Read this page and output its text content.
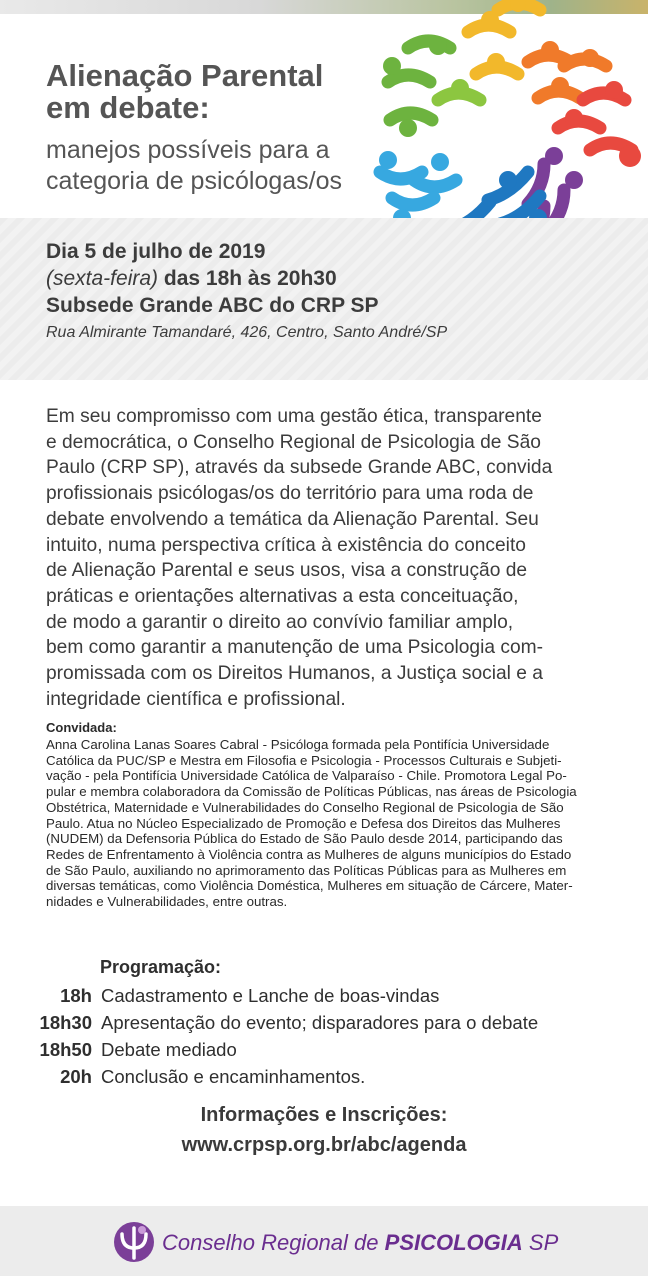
Alienação Parental
em debate:
manejos possíveis para a
categoria de psicólogas/os
Dia 5 de julho de 2019
(sexta-feira) das 18h às 20h30
Subsede Grande ABC do CRP SP
Rua Almirante Tamandaré, 426, Centro, Santo André/SP
Em seu compromisso com uma gestão ética, transparente
e democrática, o Conselho Regional de Psicologia de São
Paulo (CRP SP), através da subsede Grande ABC, convida
profissionais psicólogas/os do território para uma roda de
debate envolvendo a temática da Alienação Parental. Seu
intuito, numa perspectiva crítica à existência do conceito
de Alienação Parental e seus usos, visa a construção de
práticas e orientações alternativas a esta conceituação,
de modo a garantir o direito ao convívio familiar amplo,
bem como garantir a manutenção de uma Psicologia com-
promissada com os Direitos Humanos, a Justiça social e a
integridade científica e profissional.
Convidada:
Anna Carolina Lanas Soares Cabral - Psicóloga formada pela Pontifícia Universidade
Católica da PUC/SP e Mestra em Filosofia e Psicologia - Processos Culturais e Subjeti-
vação - pela Pontifícia Universidade Católica de Valparaíso - Chile. Promotora Legal Po-
pular e membra colaboradora da Comissão de Políticas Públicas, nas áreas de Psicologia
Obstétrica, Maternidade e Vulnerabilidades do Conselho Regional de Psicologia de São
Paulo. Atua no Núcleo Especializado de Promoção e Defesa dos Direitos das Mulheres
(NUDEM) da Defensoria Pública do Estado de São Paulo desde 2014, participando das
Redes de Enfrentamento à Violência contra as Mulheres de alguns municípios do Estado
de São Paulo, auxiliando no aprimoramento das Políticas Públicas para as Mulheres em
diversas temáticas, como Violência Doméstica, Mulheres em situação de Cárcere, Mater-
nidades e Vulnerabilidades, entre outras.
Programação:
18h Cadastramento e Lanche de boas-vindas
18h30 Apresentação do evento; disparadores para o debate
18h50 Debate mediado
20h Conclusão e encaminhamentos.
Informações e Inscrições:
www.crpsp.org.br/abc/agenda
Conselho Regional de PSICOLOGIA SP
